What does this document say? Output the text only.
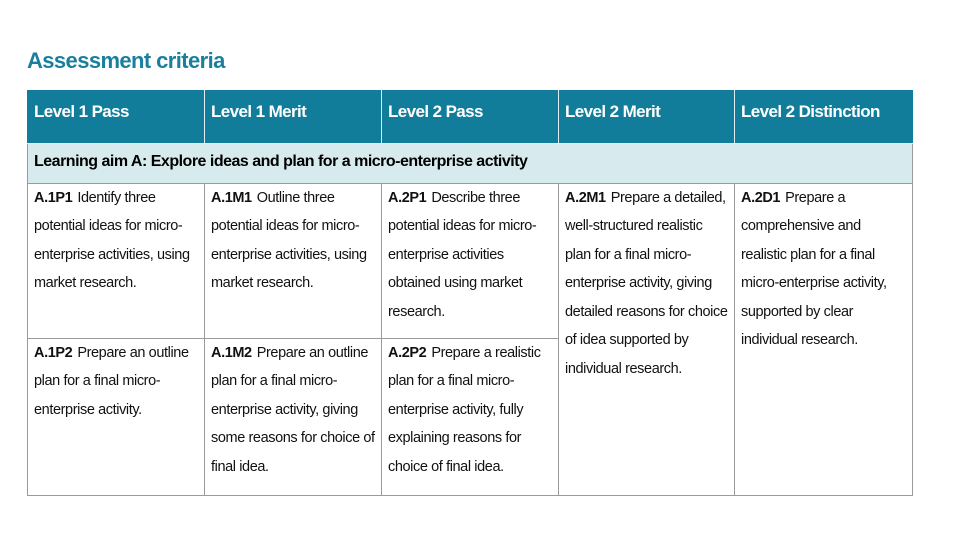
Assessment criteria
Level 1 Pass	Level 1 Merit	Level 2 Pass	Level 2 Merit	Level 2 Distinction
Learning aim A: Explore ideas and plan for a micro-enterprise activity				
A.1P1 Identify three potential ideas for micro-enterprise activities, using market research.	A.1M1 Outline three potential ideas for micro-enterprise activities, using market research.	A.2P1 Describe three potential ideas for micro-enterprise activities obtained using market research.	A.2M1 Prepare a detailed, well-structured realistic plan for a final micro-enterprise activity, giving detailed reasons for choice of idea supported by individual research.	A.2D1 Prepare a comprehensive and realistic plan for a final micro-enterprise activity, supported by clear individual research.
A.1P2 Prepare an outline plan for a final micro-enterprise activity.	A.1M2 Prepare an outline plan for a final micro-enterprise activity, giving some reasons for choice of final idea.	A.2P2 Prepare a realistic plan for a final micro-enterprise activity, fully explaining reasons for choice of final idea.		
